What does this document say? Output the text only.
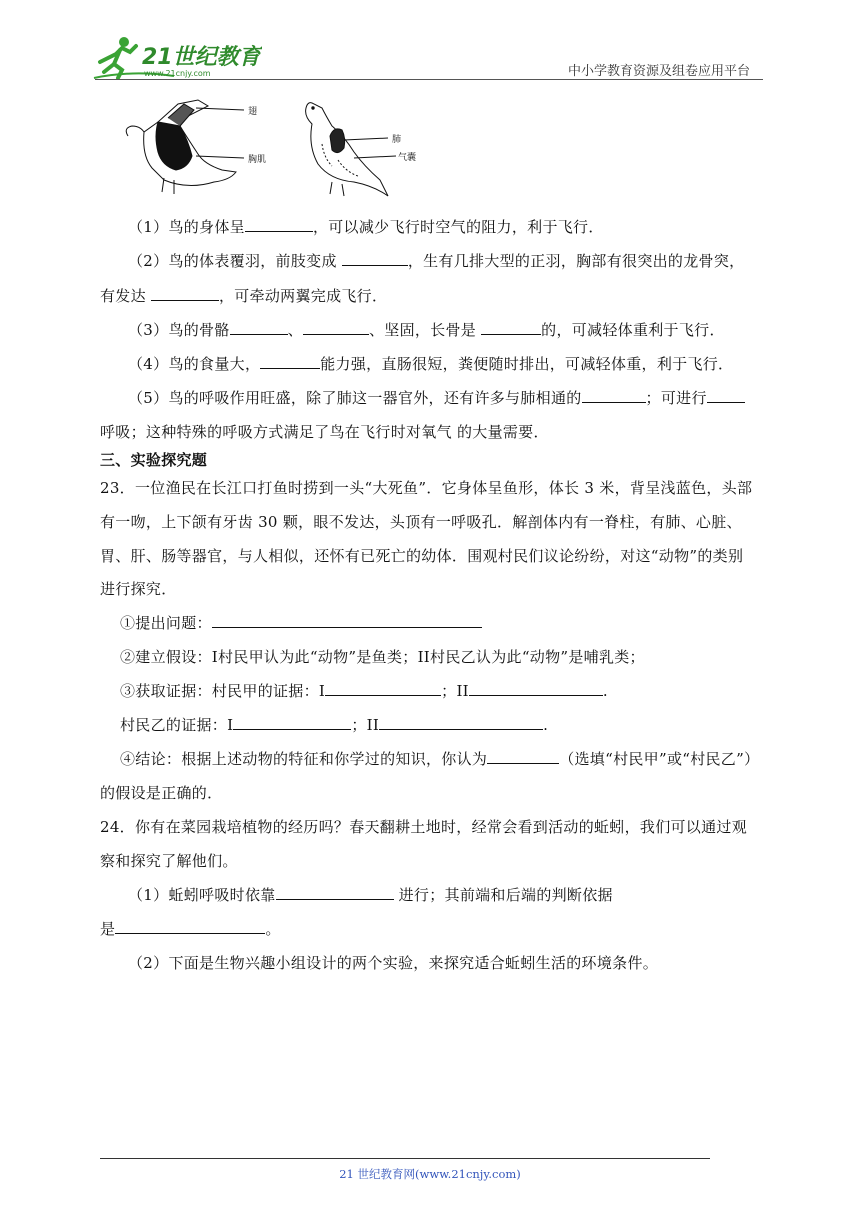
21世纪教育
www.21cnjy.com	中小学教育资源及组卷应用平台
翅
胸肌
肺
气囊
（1）鸟的身体呈	，可以减少飞行时空气的阻力，利于飞行．
（2）鸟的体表覆羽，前肢变成	，生有几排大型的正羽，胸部有很突出的龙骨突，
有发达	，可牵动两翼完成飞行．
（3）鸟的骨骼	、	、坚固，长骨是	的，可减轻体重利于飞行．
（4）鸟的食量大，	能力强，直肠很短，粪便随时排出，可减轻体重，利于飞行．
（5）鸟的呼吸作用旺盛，除了肺这一器官外，还有许多与肺相通的	；可进行
呼吸；这种特殊的呼吸方式满足了鸟在飞行时对氧气 的大量需要．
三、实验探究题
23．一位渔民在长江口打鱼时捞到一头“大死鱼”．它身体呈鱼形，体长 3 米，背呈浅蓝色，头部
有一吻，上下颌有牙齿 30 颗，眼不发达，头顶有一呼吸孔．解剖体内有一脊柱，有肺、心脏、
胃、肝、肠等器官，与人相似，还怀有已死亡的幼体．围观村民们议论纷纷，对这“动物”的类别
进行探究．
①提出问题：
②建立假设：I村民甲认为此“动物”是鱼类；II村民乙认为此“动物”是哺乳类；
③获取证据：村民甲的证据：I	；II	.
村民乙的证据：I	；II	.
④结论：根据上述动物的特征和你学过的知识，你认为	（选填“村民甲”或“村民乙”）
的假设是正确的．
24．你有在菜园栽培植物的经历吗？春天翻耕土地时，经常会看到活动的蚯蚓，我们可以通过观
察和探究了解他们。
（1）蚯蚓呼吸时依靠	进行；其前端和后端的判断依据
是	。
（2）下面是生物兴趣小组设计的两个实验，来探究适合蚯蚓生活的环境条件。
21 世纪教育网(www.21cnjy.com)
